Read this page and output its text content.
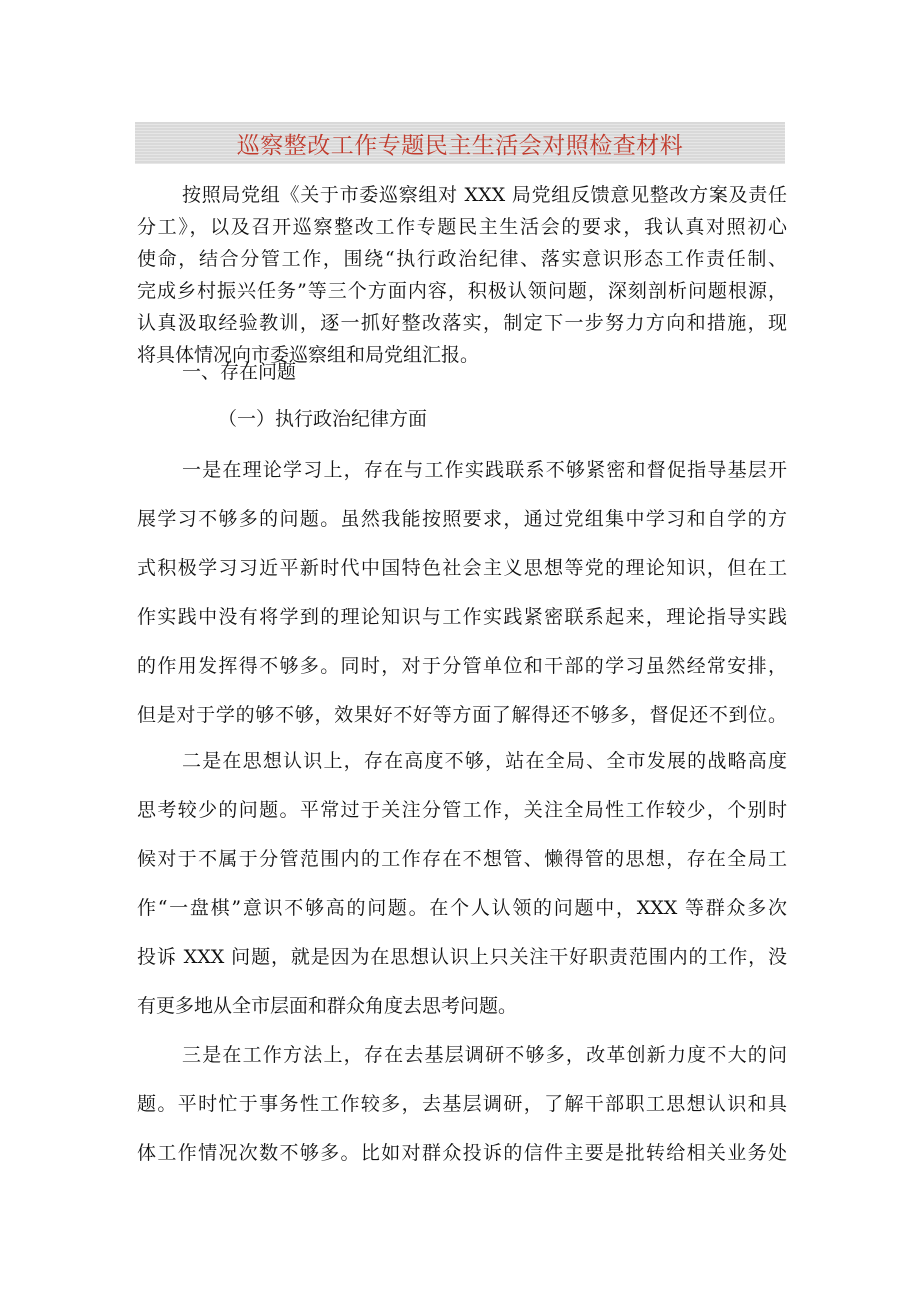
巡察整改工作专题民主生活会对照检查材料
按照局党组《关于市委巡察组对 XXX 局党组反馈意见整改方案及责任
分工》，以及召开巡察整改工作专题民主生活会的要求，我认真对照初心
使命，结合分管工作，围绕“执行政治纪律、落实意识形态工作责任制、
完成乡村振兴任务”等三个方面内容，积极认领问题，深刻剖析问题根源，
认真汲取经验教训，逐一抓好整改落实，制定下一步努力方向和措施，现
将具体情况向市委巡察组和局党组汇报。
一、存在问题
（一）执行政治纪律方面
一是在理论学习上，存在与工作实践联系不够紧密和督促指导基层开
展学习不够多的问题。虽然我能按照要求，通过党组集中学习和自学的方
式积极学习习近平新时代中国特色社会主义思想等党的理论知识，但在工
作实践中没有将学到的理论知识与工作实践紧密联系起来，理论指导实践
的作用发挥得不够多。同时，对于分管单位和干部的学习虽然经常安排，
但是对于学的够不够，效果好不好等方面了解得还不够多，督促还不到位。
二是在思想认识上，存在高度不够，站在全局、全市发展的战略高度
思考较少的问题。平常过于关注分管工作，关注全局性工作较少，个别时
候对于不属于分管范围内的工作存在不想管、懒得管的思想，存在全局工
作“一盘棋”意识不够高的问题。在个人认领的问题中，XXX 等群众多次
投诉 XXX 问题，就是因为在思想认识上只关注干好职责范围内的工作，没
有更多地从全市层面和群众角度去思考问题。
三是在工作方法上，存在去基层调研不够多，改革创新力度不大的问
题。平时忙于事务性工作较多，去基层调研，了解干部职工思想认识和具
体工作情况次数不够多。比如对群众投诉的信件主要是批转给相关业务处
